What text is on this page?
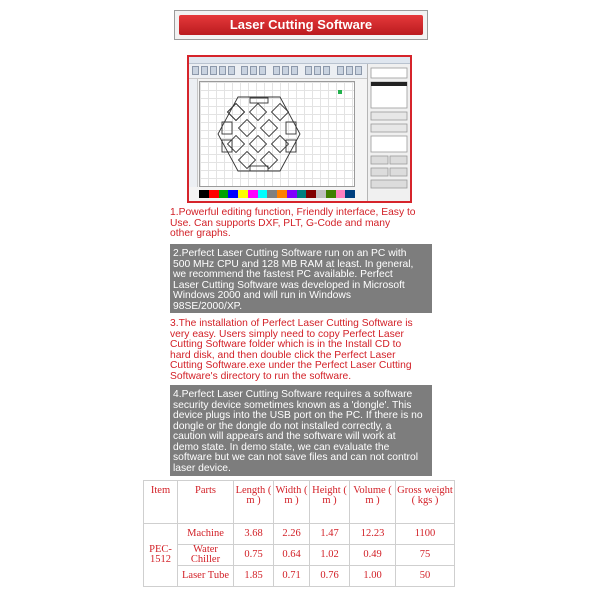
Laser Cutting Software
1.Powerful editing function, Friendly interface, Easy to
Use. Can supports DXF, PLT, G-Code and many
other graphs.
2.Perfect Laser Cutting Software run on an PC with
500 MHz CPU and 128 MB RAM at least. In general,
we recommend the fastest PC available. Perfect
Laser Cutting Software was developed in Microsoft
Windows 2000 and will run in Windows
98SE/2000/XP.
3.The installation of Perfect Laser Cutting Software is
very easy. Users simply need to copy Perfect Laser
Cutting Software folder which is in the Install CD to
hard disk, and then double click the Perfect Laser
Cutting Software.exe under the Perfect Laser Cutting
Software's directory to run the software.
4.Perfect Laser Cutting Software requires a software
security device sometimes known as a 'dongle'. This
device plugs into the USB port on the PC. If there is no
dongle or the dongle do not installed correctly, a
caution will appears and the software will work at
demo state. In demo state, we can evaluate the
software but we can not save files and can not control
laser device.
Item	Parts	Length ( m )	Width ( m )	Height ( m )	Volume ( m )	Gross weight ( kgs )
PEC-1512	Machine	3.68	2.26	1.47	12.23	1100
	Water Chiller	0.75	0.64	1.02	0.49	75
	Laser Tube	1.85	0.71	0.76	1.00	50
